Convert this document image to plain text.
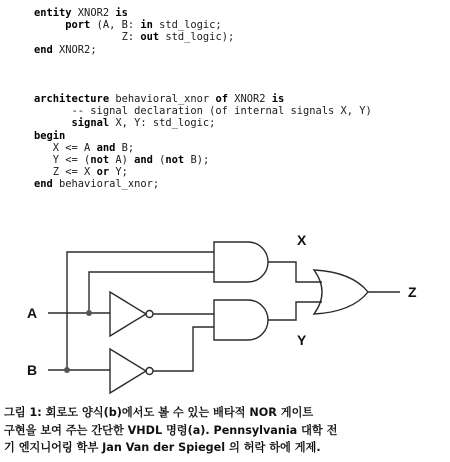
entity XNOR2 is
port (A, B: in std_logic;
Z: out std_logic);
end XNOR2;
architecture behavioral_xnor of XNOR2 is
-- signal declaration (of internal signals X, Y)
signal X, Y: std_logic;
begin
X <= A and B;
Y <= (not A) and (not B);
Z <= X or Y;
end behavioral_xnor;
X
Y
A
B
Z
그림 1: 회로도 양식(b)에서도 볼 수 있는 배타적 NOR 게이트
구현을 보여 주는 간단한 VHDL 명령(a). Pennsylvania 대학 전
기 엔지니어링 학부 Jan Van der Spiegel 의 허락 하에 게제.
